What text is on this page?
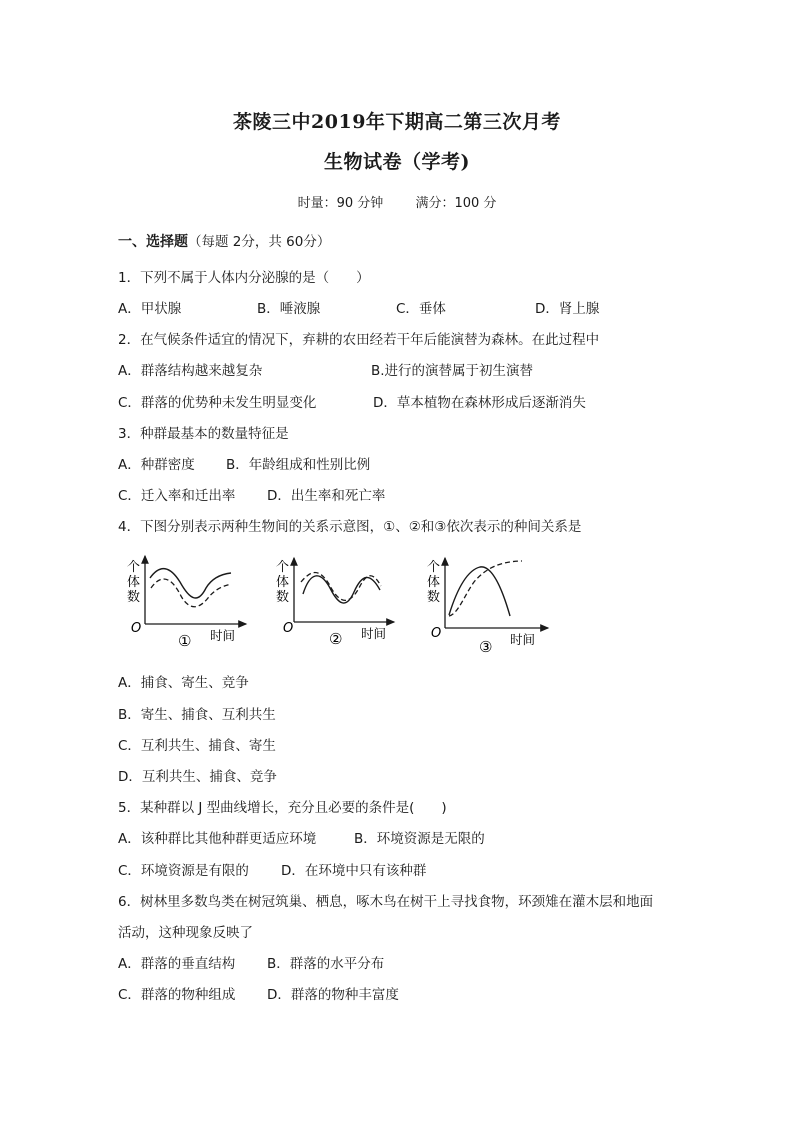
茶陵三中2019年下期高二第三次月考
生物试卷（学考)
时量：90 分钟 满分：100 分
一、选择题（每题 2分，共 60分）
1．下列不属于人体内分泌腺的是（　　）
A．甲状腺	B．唾液腺	C．垂体	D．肾上腺
2．在气候条件适宜的情况下，弃耕的农田经若干年后能演替为森林。在此过程中
A．群落结构越来越复杂	B.进行的演替属于初生演替
C．群落的优势种未发生明显变化	D．草本植物在森林形成后逐渐消失
3．种群最基本的数量特征是
A．种群密度 B．年龄组成和性别比例
C．迁入率和迁出率 D．出生率和死亡率
4．下图分别表示两种生物间的关系示意图，①、②和③依次表示的种间关系是
个
体
数
O	时间
①
个
体
数
O	时间
②
个
体
数
O	时间
③
A．捕食、寄生、竞争
B．寄生、捕食、互利共生
C．互利共生、捕食、寄生
D．互利共生、捕食、竞争
5．某种群以 J 型曲线增长，充分且必要的条件是(　　)
A．该种群比其他种群更适应环境	B．环境资源是无限的
C．环境资源是有限的 D．在环境中只有该种群
6．树林里多数鸟类在树冠筑巢、栖息，啄木鸟在树干上寻找食物，环颈雉在灌木层和地面
活动，这种现象反映了
A．群落的垂直结构 B．群落的水平分布
C．群落的物种组成 D．群落的物种丰富度
